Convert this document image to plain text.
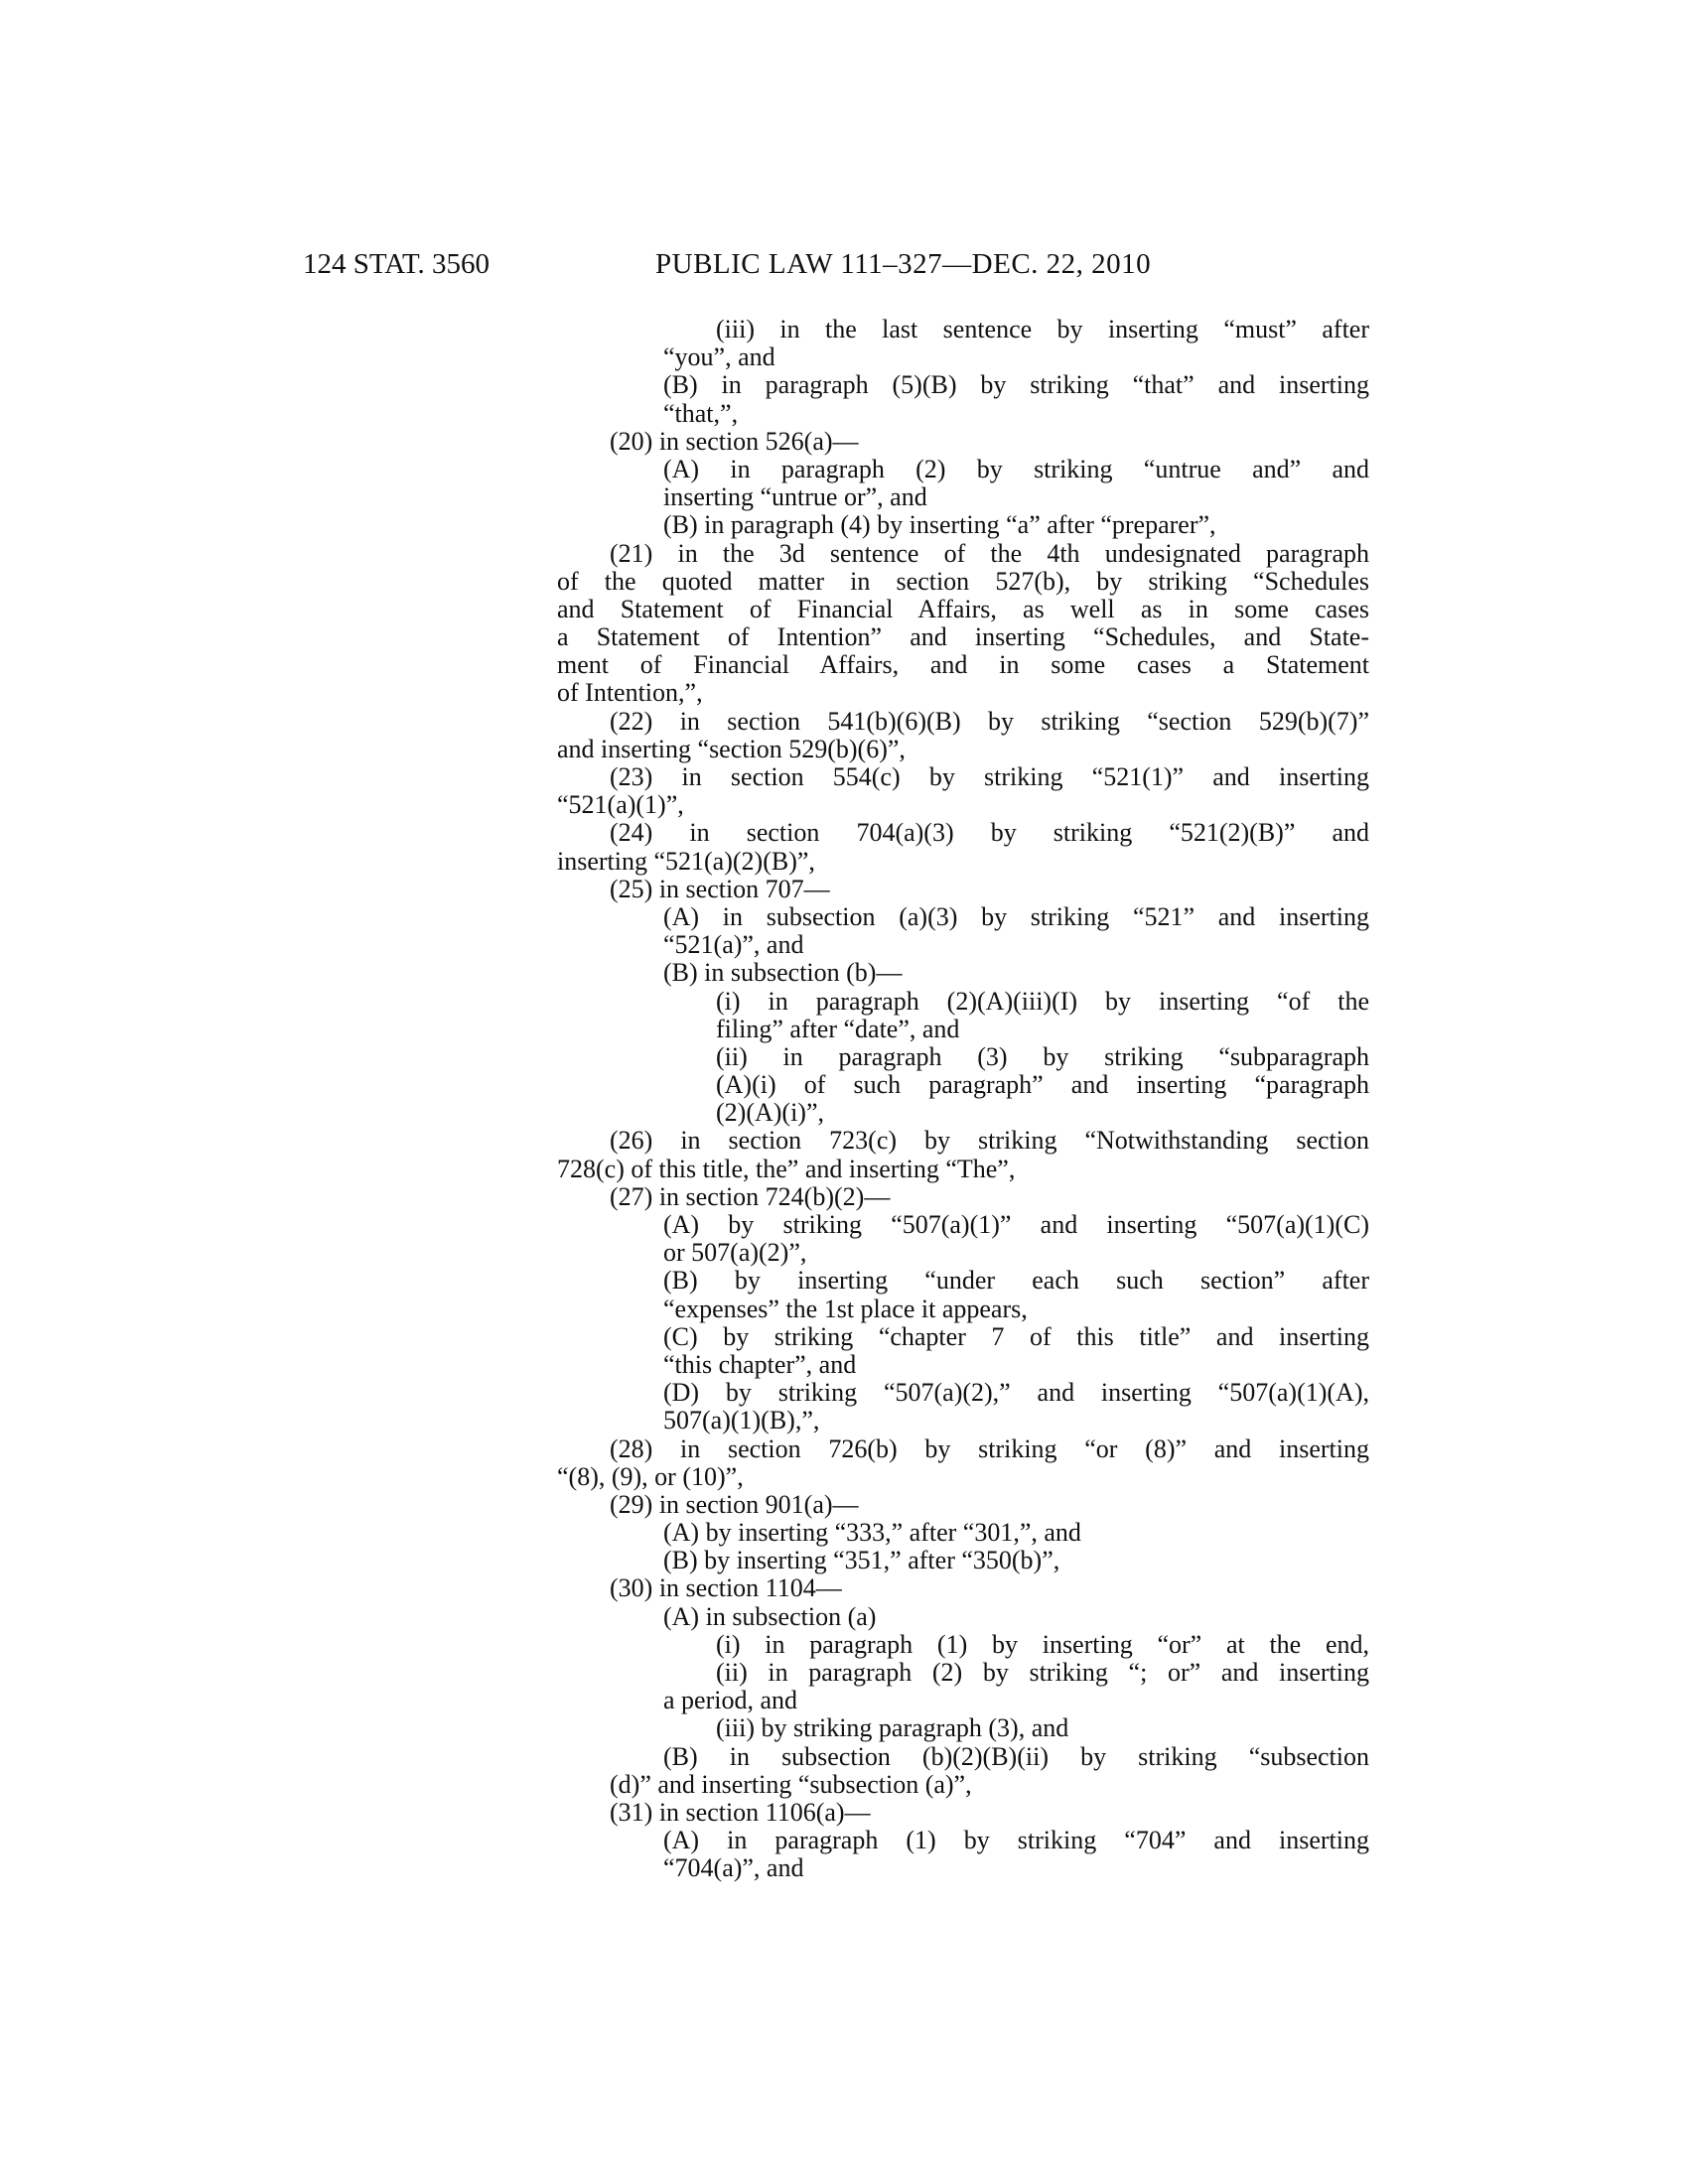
124 STAT. 3560	PUBLIC LAW 111–327—DEC. 22, 2010
(iii) in the last sentence by inserting “must” after
“you”, and
(B) in paragraph (5)(B) by striking “that” and inserting
“that,”,
(20) in section 526(a)—
(A) in paragraph (2) by striking “untrue and” and
inserting “untrue or”, and
(B) in paragraph (4) by inserting “a” after “preparer”,
(21) in the 3d sentence of the 4th undesignated paragraph
of the quoted matter in section 527(b), by striking “Schedules
and Statement of Financial Affairs, as well as in some cases
a Statement of Intention” and inserting “Schedules, and State-
ment of Financial Affairs, and in some cases a Statement
of Intention,”,
(22) in section 541(b)(6)(B) by striking “section 529(b)(7)”
and inserting “section 529(b)(6)”,
(23) in section 554(c) by striking “521(1)” and inserting
“521(a)(1)”,
(24) in section 704(a)(3) by striking “521(2)(B)” and
inserting “521(a)(2)(B)”,
(25) in section 707—
(A) in subsection (a)(3) by striking “521” and inserting
“521(a)”, and
(B) in subsection (b)—
(i) in paragraph (2)(A)(iii)(I) by inserting “of the
filing” after “date”, and
(ii) in paragraph (3) by striking “subparagraph
(A)(i) of such paragraph” and inserting “paragraph
(2)(A)(i)”,
(26) in section 723(c) by striking “Notwithstanding section
728(c) of this title, the” and inserting “The”,
(27) in section 724(b)(2)—
(A) by striking “507(a)(1)” and inserting “507(a)(1)(C)
or 507(a)(2)”,
(B) by inserting “under each such section” after
“expenses” the 1st place it appears,
(C) by striking “chapter 7 of this title” and inserting
“this chapter”, and
(D) by striking “507(a)(2),” and inserting “507(a)(1)(A),
507(a)(1)(B),”,
(28) in section 726(b) by striking “or (8)” and inserting
“(8), (9), or (10)”,
(29) in section 901(a)—
(A) by inserting “333,” after “301,”, and
(B) by inserting “351,” after “350(b)”,
(30) in section 1104—
(A) in subsection (a)
(i) in paragraph (1) by inserting “or” at the end,
(ii) in paragraph (2) by striking “; or” and inserting
a period, and
(iii) by striking paragraph (3), and
(B) in subsection (b)(2)(B)(ii) by striking “subsection
(d)” and inserting “subsection (a)”,
(31) in section 1106(a)—
(A) in paragraph (1) by striking “704” and inserting
“704(a)”, and
